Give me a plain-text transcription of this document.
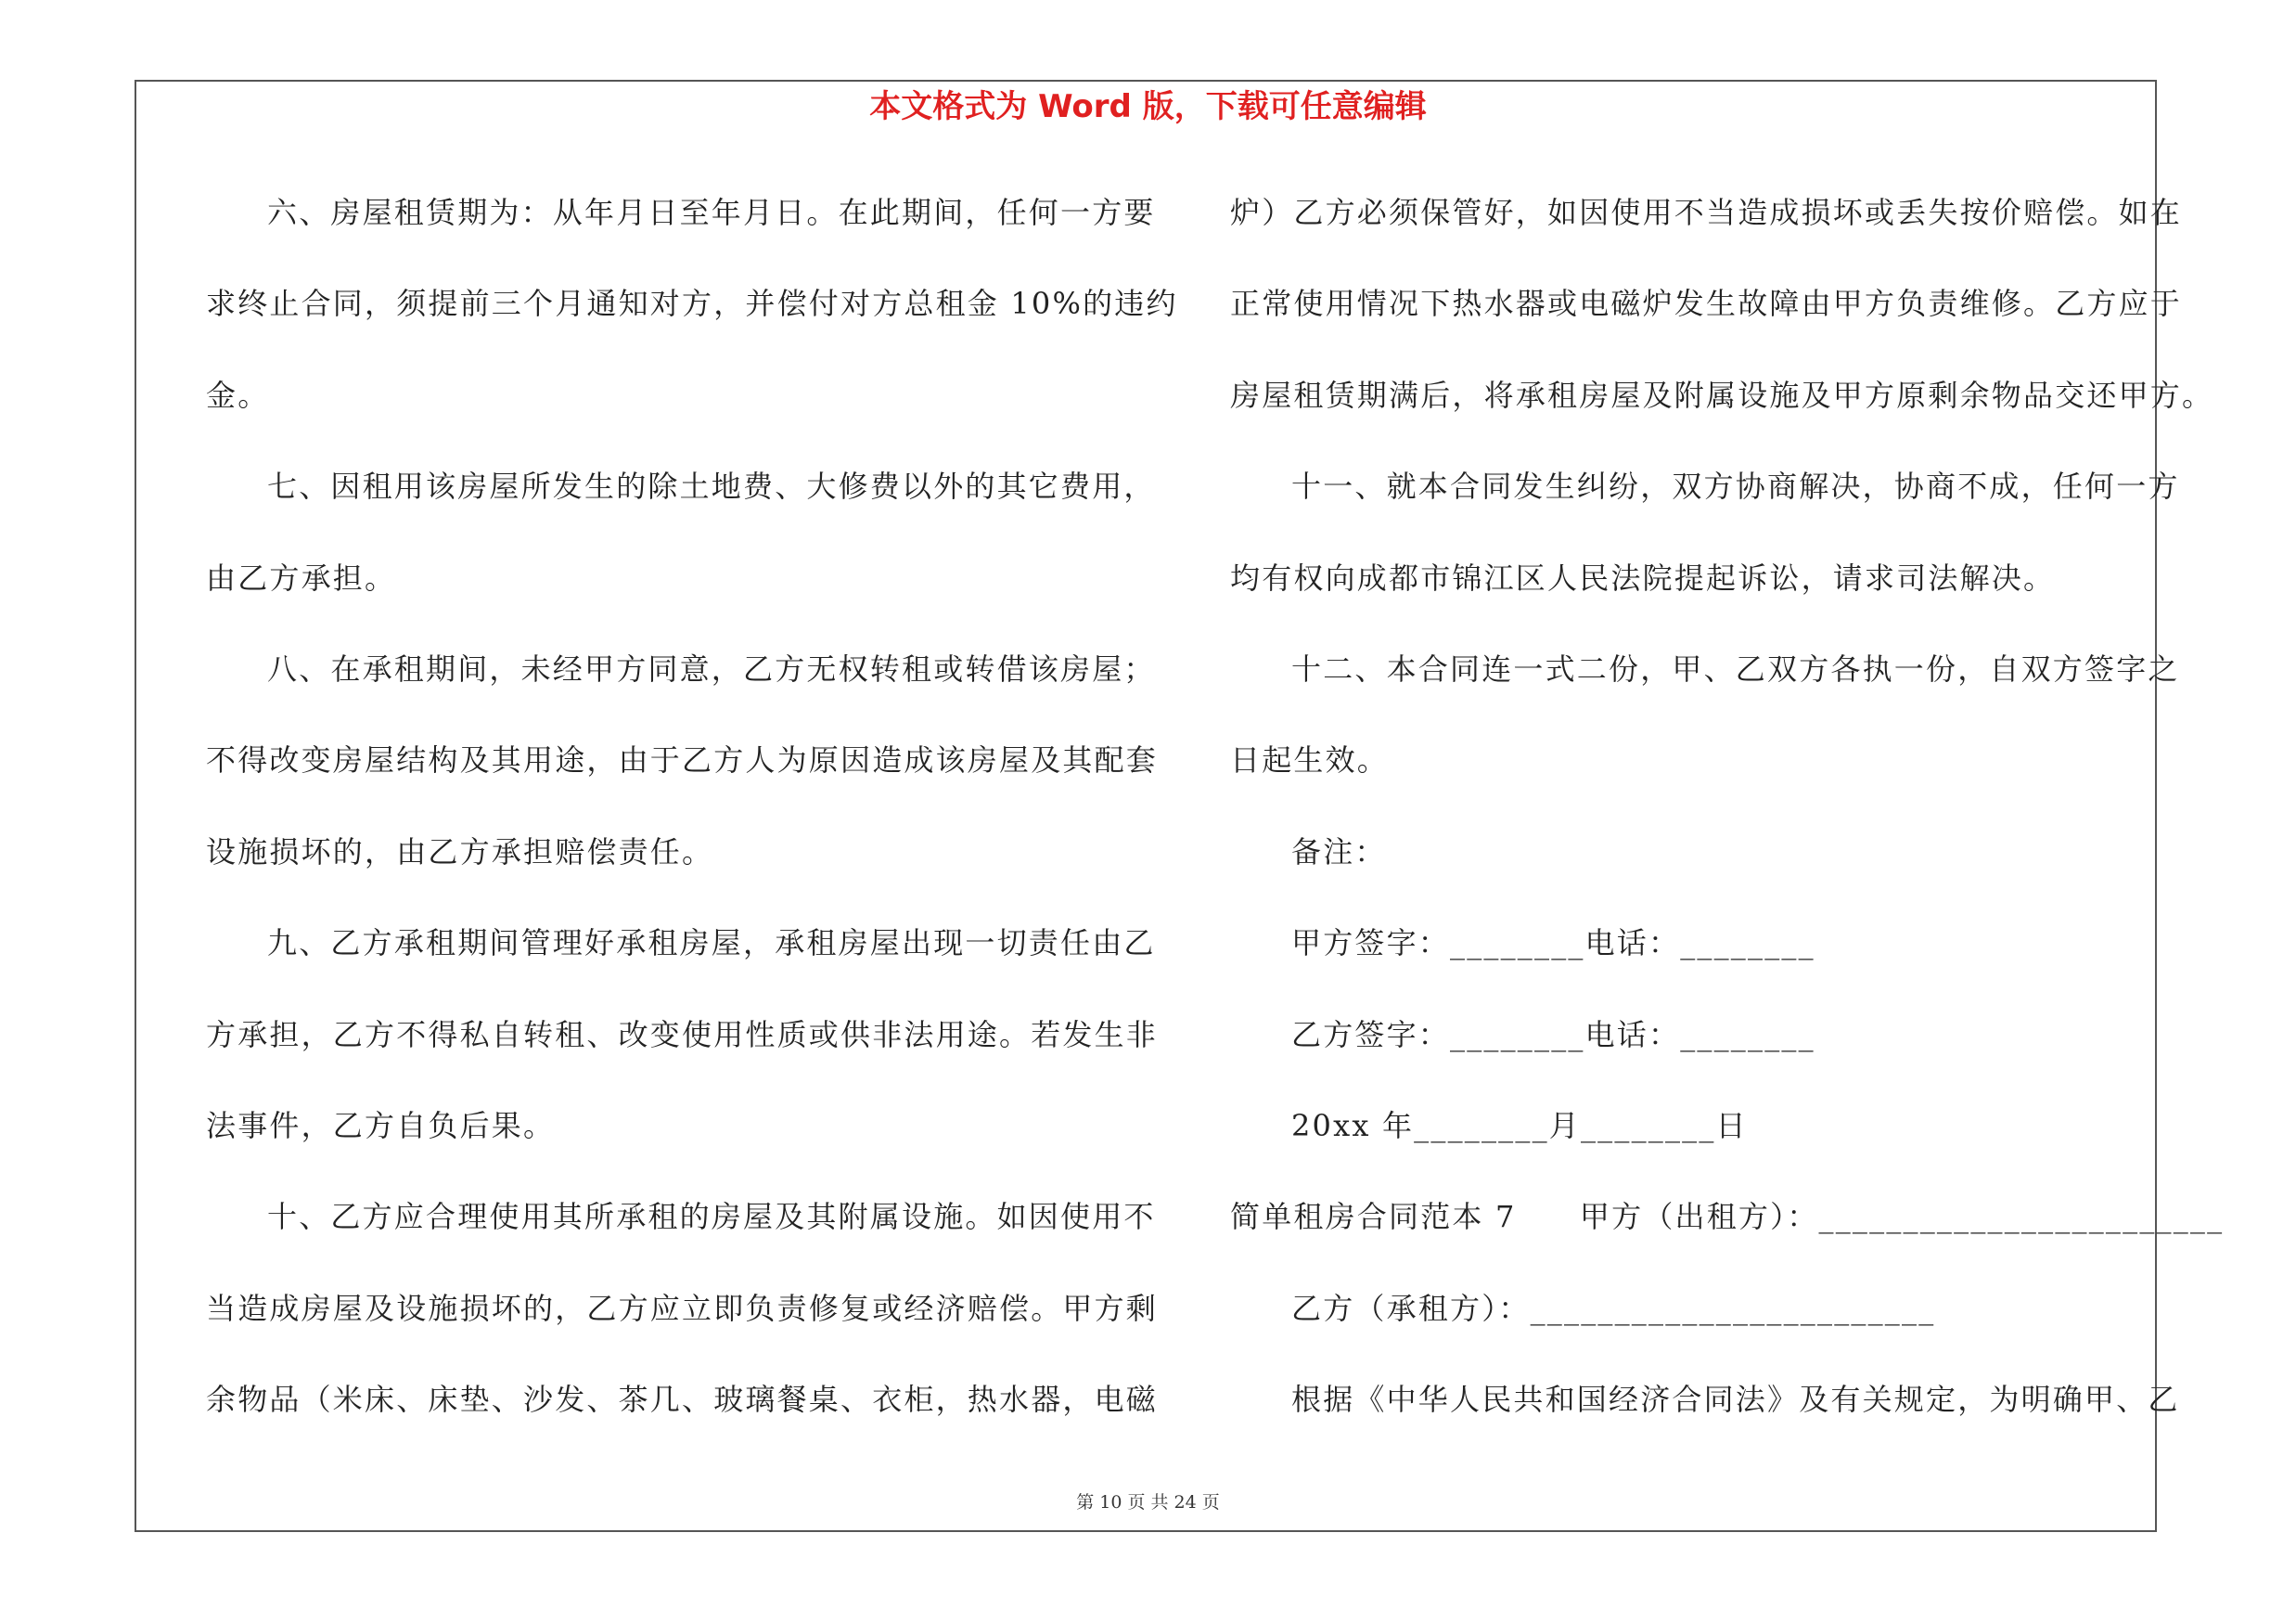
本文格式为 Word 版，下载可任意编辑
六、房屋租赁期为：从年月日至年月日。在此期间，任何一方要
求终止合同，须提前三个月通知对方，并偿付对方总租金 10%的违约
金。
七、因租用该房屋所发生的除土地费、大修费以外的其它费用，
由乙方承担。
八、在承租期间，未经甲方同意，乙方无权转租或转借该房屋；
不得改变房屋结构及其用途，由于乙方人为原因造成该房屋及其配套
设施损坏的，由乙方承担赔偿责任。
九、乙方承租期间管理好承租房屋，承租房屋出现一切责任由乙
方承担，乙方不得私自转租、改变使用性质或供非法用途。若发生非
法事件，乙方自负后果。
十、乙方应合理使用其所承租的房屋及其附属设施。如因使用不
当造成房屋及设施损坏的，乙方应立即负责修复或经济赔偿。甲方剩
余物品（米床、床垫、沙发、茶几、玻璃餐桌、衣柜，热水器，电磁
炉）乙方必须保管好，如因使用不当造成损坏或丢失按价赔偿。如在
正常使用情况下热水器或电磁炉发生故障由甲方负责维修。乙方应于
房屋租赁期满后，将承租房屋及附属设施及甲方原剩余物品交还甲方。
十一、就本合同发生纠纷，双方协商解决，协商不成，任何一方
均有权向成都市锦江区人民法院提起诉讼，请求司法解决。
十二、本合同连一式二份，甲、乙双方各执一份，自双方签字之
日起生效。
备注：
甲方签字：________电话：________
乙方签字：________电话：________
20xx 年________月________日
简单租房合同范本 7　　甲方（出租方）：________________________
乙方（承租方）：________________________
根据《中华人民共和国经济合同法》及有关规定，为明确甲、乙
第 10 页 共 24 页
